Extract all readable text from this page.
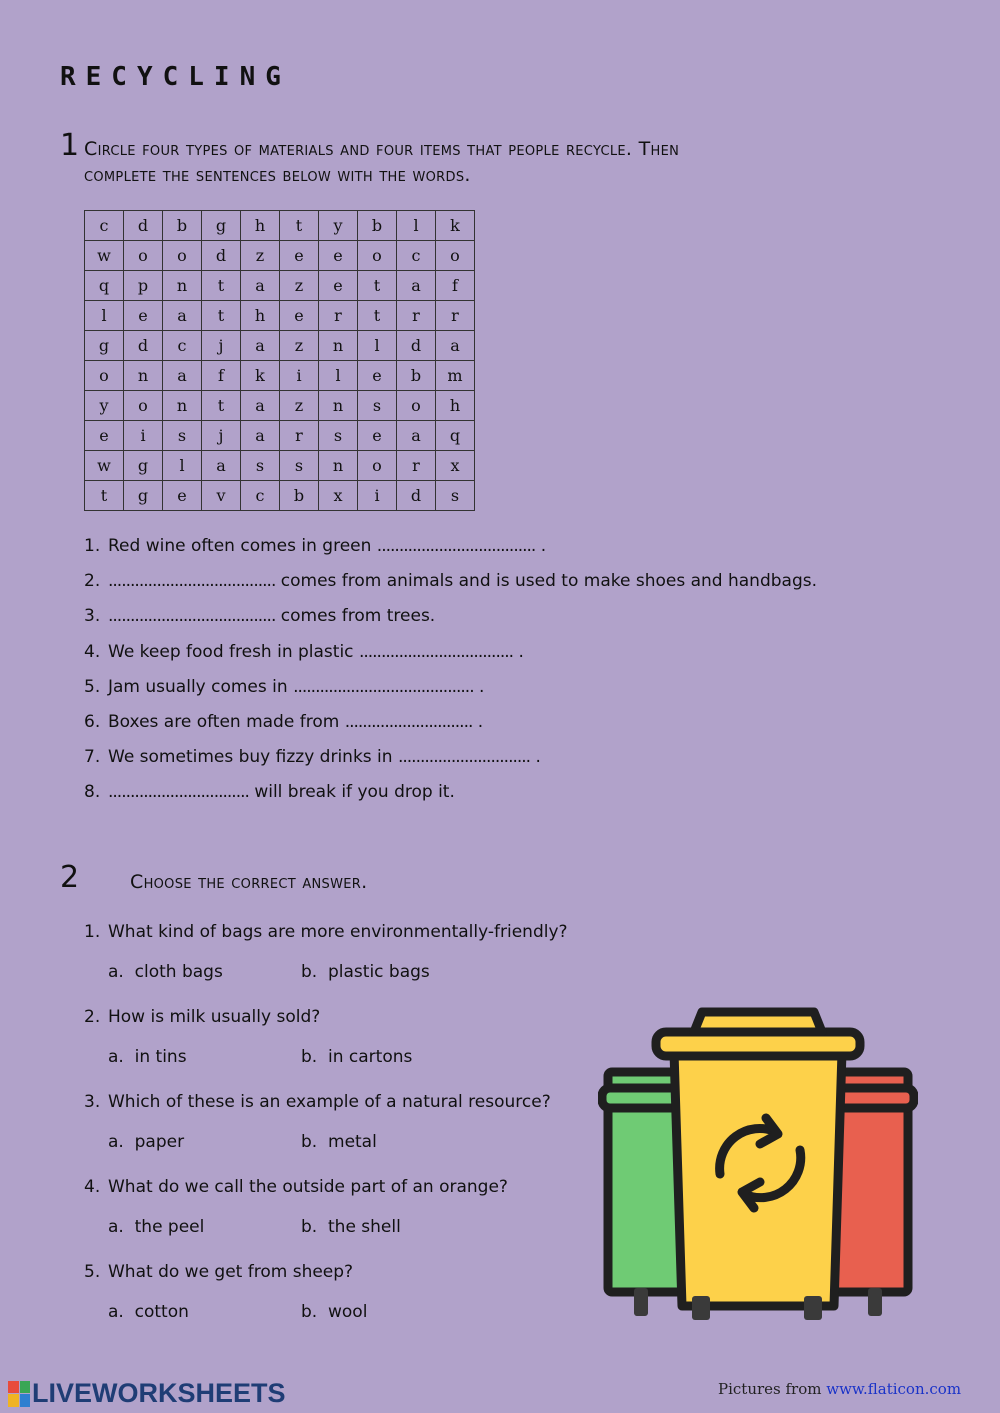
RECYCLING
1 Circle four types of materials and four items that people recycle. Then

complete the sentences below with the words.

c	d	b	g	h	t	y	b	l	k
w	o	o	d	z	e	e	o	c	o
q	p	n	t	a	z	e	t	a	f
l	e	a	t	h	e	r	t	r	r
g	d	c	j	a	z	n	l	d	a
o	n	a	f	k	i	l	e	b	m
y	o	n	t	a	z	n	s	o	h
e	i	s	j	a	r	s	e	a	q
w	g	l	a	s	s	n	o	r	x
t	g	e	v	c	b	x	i	d	s
1. Red wine often comes in green .................................... .
2. ...................................... comes from animals and is used to make shoes and handbags.
3. ...................................... comes from trees.
4. We keep food fresh in plastic ................................... .
5. Jam usually comes in ......................................... .
6. Boxes are often made from ............................. .
7. We sometimes buy fizzy drinks in .............................. .
8. ................................ will break if you drop it.
2	Choose the correct answer.
1. What kind of bags are more environmentally-friendly?
a.  cloth bags	b.  plastic bags
2. How is milk usually sold?
a.  in tins	b.  in cartons
3. Which of these is an example of a natural resource?
a.  paper	b.  metal
4. What do we call the outside part of an orange?
a.  the peel	b.  the shell
5. What do we get from sheep?
a.  cotton	b.  wool
LIVEWORKSHEETS	Pictures from www.flaticon.com
